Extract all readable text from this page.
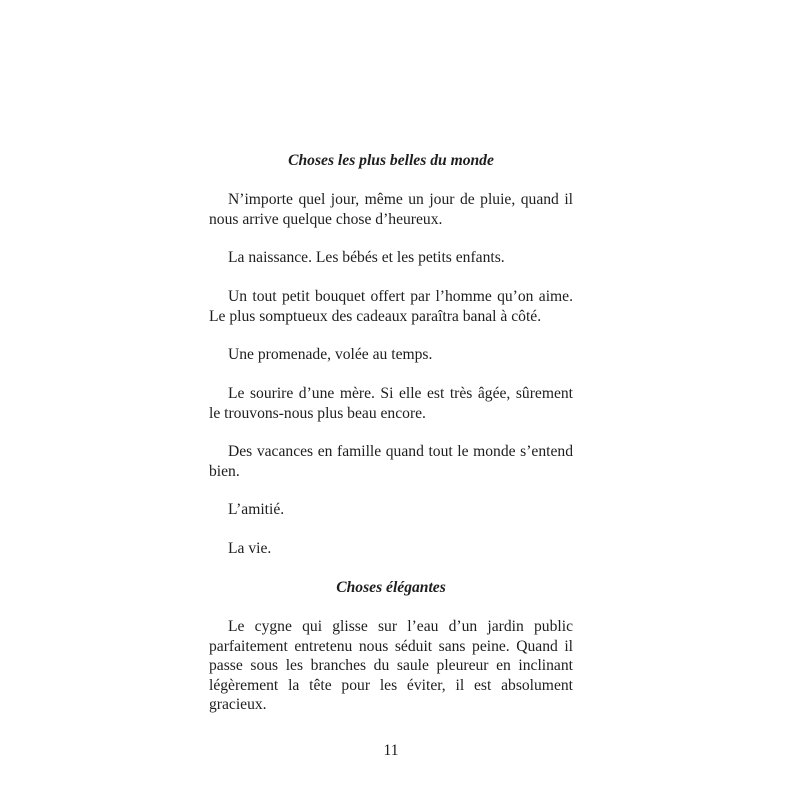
Choses les plus belles du monde

N’importe quel jour, même un jour de pluie, quand il nous arrive quelque chose d’heureux.

La naissance. Les bébés et les petits enfants.

Un tout petit bouquet offert par l’homme qu’on aime. Le plus somptueux des cadeaux paraîtra banal à côté.

Une promenade, volée au temps.

Le sourire d’une mère. Si elle est très âgée, sûrement le trouvons-nous plus beau encore.

Des vacances en famille quand tout le monde s’entend bien.

L’amitié.

La vie.

Choses élégantes

Le cygne qui glisse sur l’eau d’un jardin public parfaitement entretenu nous séduit sans peine. Quand il passe sous les branches du saule pleureur en inclinant légèrement la tête pour les éviter, il est absolument gracieux.

11
